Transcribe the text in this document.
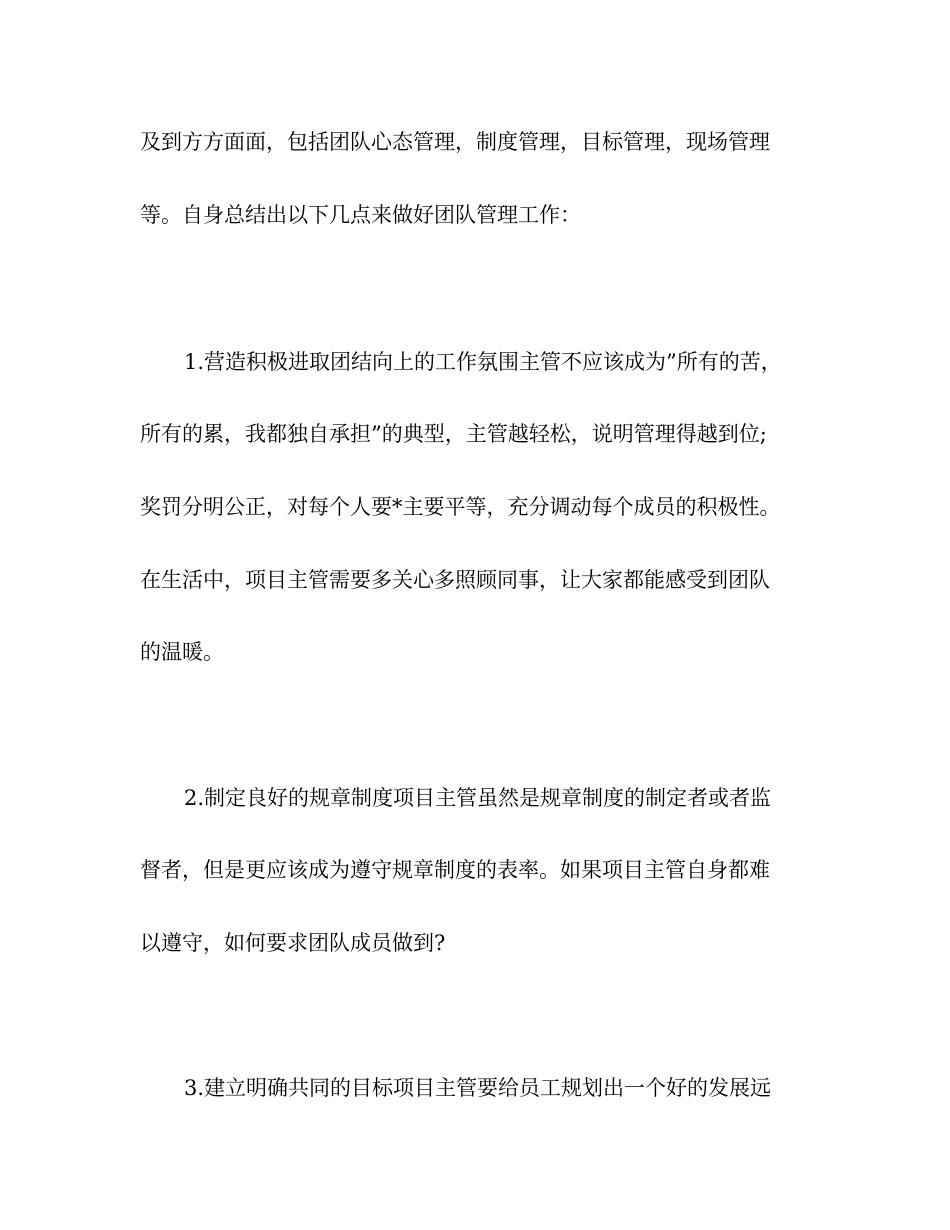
及到方方面面，包括团队心态管理，制度管理，目标管理，现场管理
等。自身总结出以下几点来做好团队管理工作：
1.营造积极进取团结向上的工作氛围主管不应该成为”所有的苦，
所有的累，我都独自承担”的典型，主管越轻松，说明管理得越到位;
奖罚分明公正，对每个人要*主要平等，充分调动每个成员的积极性。
在生活中，项目主管需要多关心多照顾同事，让大家都能感受到团队
的温暖。
2.制定良好的规章制度项目主管虽然是规章制度的制定者或者监
督者，但是更应该成为遵守规章制度的表率。如果项目主管自身都难
以遵守，如何要求团队成员做到?
3.建立明确共同的目标项目主管要给员工规划出一个好的发展远
